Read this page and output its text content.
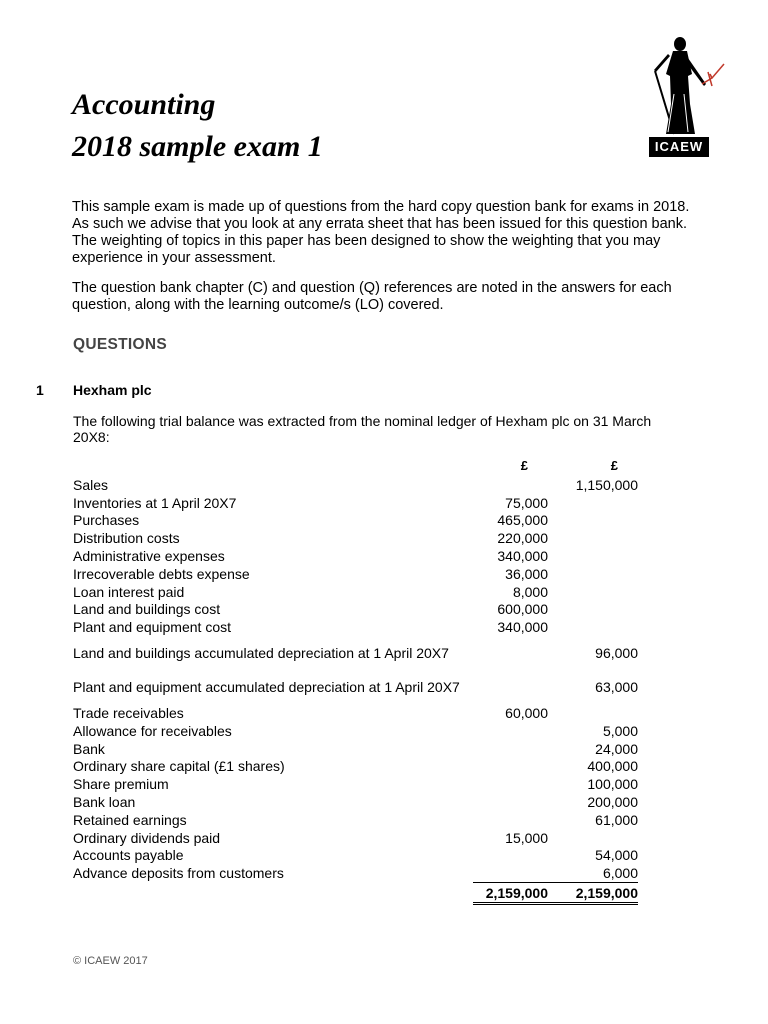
Accounting
2018 sample exam 1	ICAEW
This sample exam is made up of questions from the hard copy question bank for exams in 2018. As such we advise that you look at any errata sheet that has been issued for this question bank. The weighting of topics in this paper has been designed to show the weighting that you may experience in your assessment.
The question bank chapter (C) and question (Q) references are noted in the answers for each question, along with the learning outcome/s (LO) covered.
QUESTIONS
1 Hexham plc
The following trial balance was extracted from the nominal ledger of Hexham plc on 31 March 20X8:
£	£
Sales		1,150,000
Inventories at 1 April 20X7	75,000	
Purchases	465,000	
Distribution costs	220,000	
Administrative expenses	340,000	
Irrecoverable debts expense	36,000	
Loan interest paid	8,000	
Land and buildings cost	600,000	
Plant and equipment cost	340,000	
Land and buildings accumulated depreciation at 1 April 20X7		96,000
Plant and equipment accumulated depreciation at 1 April 20X7		63,000
Trade receivables	60,000	
Allowance for receivables		5,000
Bank		24,000
Ordinary share capital (£1 shares)		400,000
Share premium		100,000
Bank loan		200,000
Retained earnings		61,000
Ordinary dividends paid	15,000	
Accounts payable		54,000
Advance deposits from customers		6,000
	2,159,000	2,159,000
© ICAEW 2017
